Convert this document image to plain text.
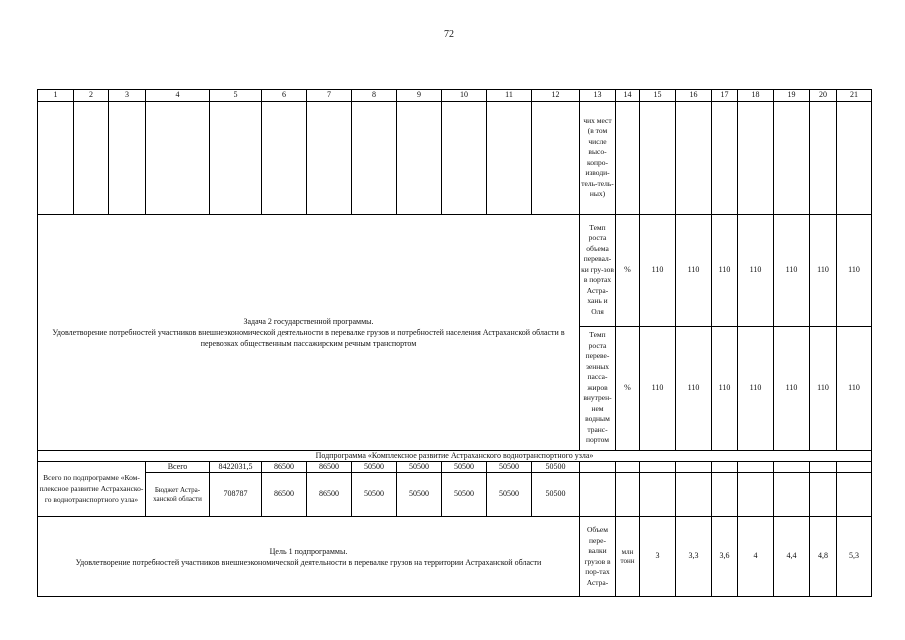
72
1	2	3	4	5	6	7	8	9	10	11	12	13	14	15	16	17	18	19	20	21
												чих мест (в том числе высо-копро-изводи-тель-тель-ных)								

Задача 2 государственной программы.
Удовлетворение потребностей участников внешнеэкономической деятельности в перевалке грузов и потребностей населения Астраханской области в перевозках общественным пассажирским речным транспортом												Темп роста объема перевал-ки гру-зов в портах Астра-хань и Оля	%	110	110	110	110	110	110	110
												Темп роста переве-зенных пасса-жиров внутрен-нем водным транс-портом	%	110	110	110	110	110	110	110
Подпрограмма «Комплексное развитие Астраханского воднотранспортного узла»																				
Всего по подпрограмме «Ком-плексное развитие Астраханско-го воднотранспортного узла»			Всего	8422031,5	86500	86500	50500	50500	50500	50500	50500									
			Бюджет Астра-ханской области	708787	86500	86500	50500	50500	50500	50500	50500									

Цель 1 подпрограммы.
Удовлетворение потребностей участников внешнеэкономической деятельности в перевалке грузов на территории Астраханской области												Объем пере-валки грузов в пор-тах Астра-	млн тонн	3	3,3	3,6	4	4,4	4,8	5,3
